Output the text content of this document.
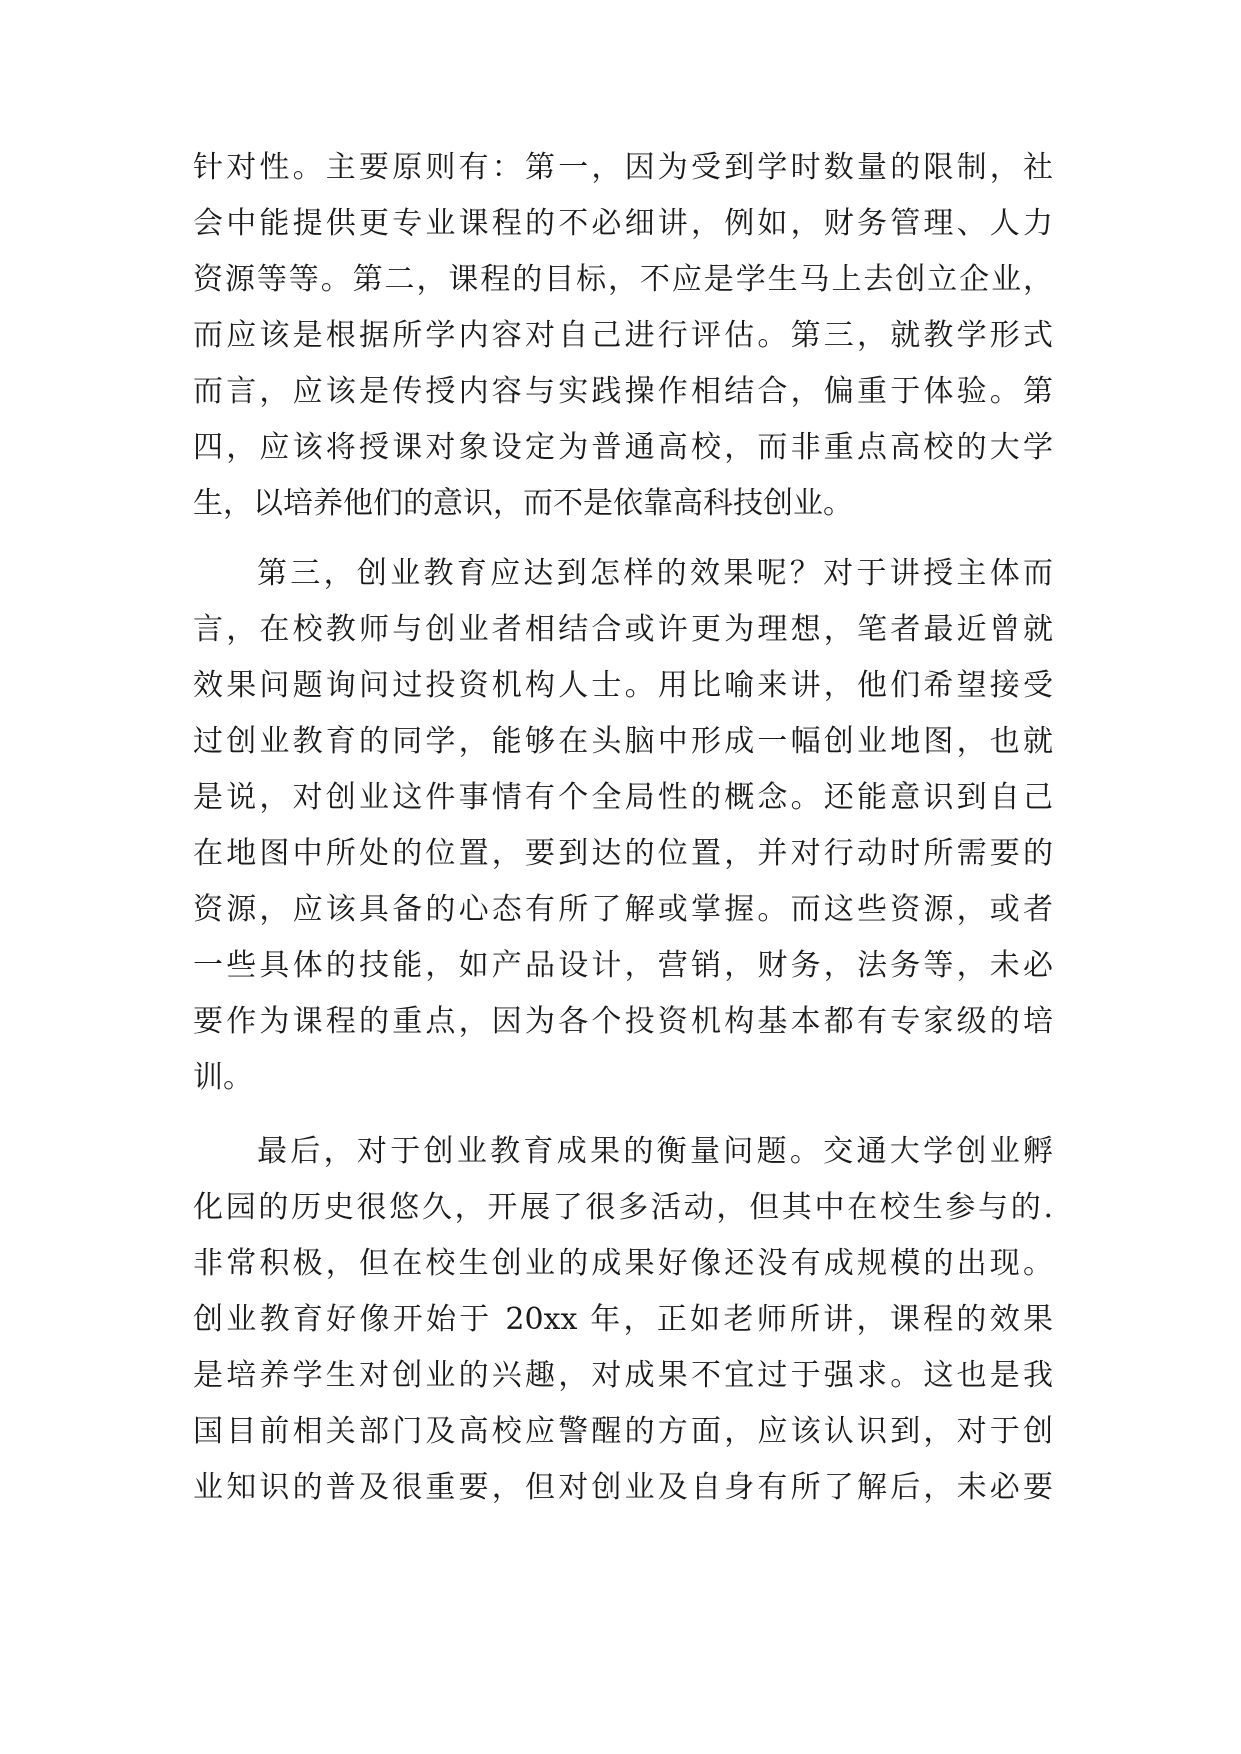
针对性。主要原则有：第一，因为受到学时数量的限制，社
会中能提供更专业课程的不必细讲，例如，财务管理、人力
资源等等。第二，课程的目标，不应是学生马上去创立企业，
而应该是根据所学内容对自己进行评估。第三，就教学形式
而言，应该是传授内容与实践操作相结合，偏重于体验。第
四，应该将授课对象设定为普通高校，而非重点高校的大学
生，以培养他们的意识，而不是依靠高科技创业。
第三，创业教育应达到怎样的效果呢？对于讲授主体而
言，在校教师与创业者相结合或许更为理想，笔者最近曾就
效果问题询问过投资机构人士。用比喻来讲，他们希望接受
过创业教育的同学，能够在头脑中形成一幅创业地图，也就
是说，对创业这件事情有个全局性的概念。还能意识到自己
在地图中所处的位置，要到达的位置，并对行动时所需要的
资源，应该具备的心态有所了解或掌握。而这些资源，或者
一些具体的技能，如产品设计，营销，财务，法务等，未必
要作为课程的重点，因为各个投资机构基本都有专家级的培
训。
最后，对于创业教育成果的衡量问题。交通大学创业孵
化园的历史很悠久，开展了很多活动，但其中在校生参与的.
非常积极，但在校生创业的成果好像还没有成规模的出现。
创业教育好像开始于 20xx 年，正如老师所讲，课程的效果
是培养学生对创业的兴趣，对成果不宜过于强求。这也是我
国目前相关部门及高校应警醒的方面，应该认识到，对于创
业知识的普及很重要，但对创业及自身有所了解后，未必要
